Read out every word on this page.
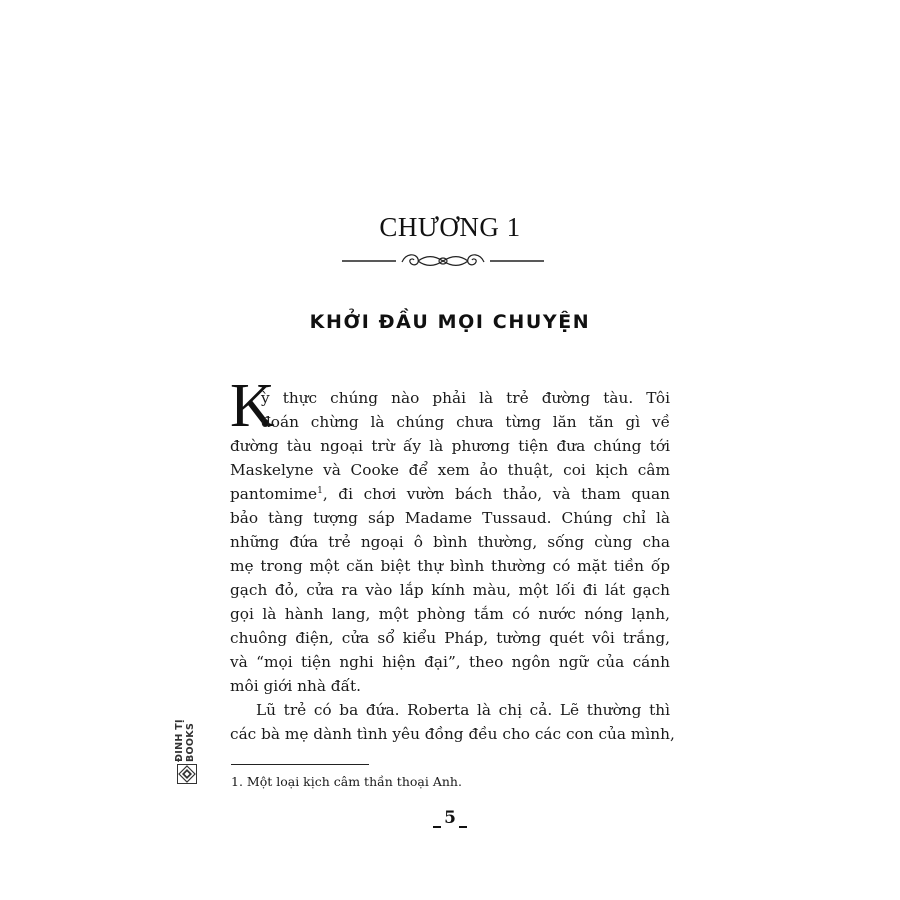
CHƯƠNG 1
KHỞI ĐẦU MỌI CHUYỆN
K
ỳ thực chúng nào phải là trẻ đường tàu. Tôi
đoán chừng là chúng chưa từng lăn tăn gì về
đường tàu ngoại trừ ấy là phương tiện đưa chúng tới
Maskelyne và Cooke để xem ảo thuật, coi kịch câm
pantomime$^1$, đi chơi vườn bách thảo, và tham quan
bảo tàng tượng sáp Madame Tussaud. Chúng chỉ là
những đứa trẻ ngoại ô bình thường, sống cùng cha
mẹ trong một căn biệt thự bình thường có mặt tiền ốp
gạch đỏ, cửa ra vào lắp kính màu, một lối đi lát gạch
gọi là hành lang, một phòng tắm có nước nóng lạnh,
chuông điện, cửa sổ kiểu Pháp, tường quét vôi trắng,
và “mọi tiện nghi hiện đại”, theo ngôn ngữ của cánh
môi giới nhà đất.
Lũ trẻ có ba đứa. Roberta là chị cả. Lẽ thường thì
các bà mẹ dành tình yêu đồng đều cho các con của mình,
1. Một loại kịch câm thần thoại Anh.
5
ĐINH TỊ BOOKS
